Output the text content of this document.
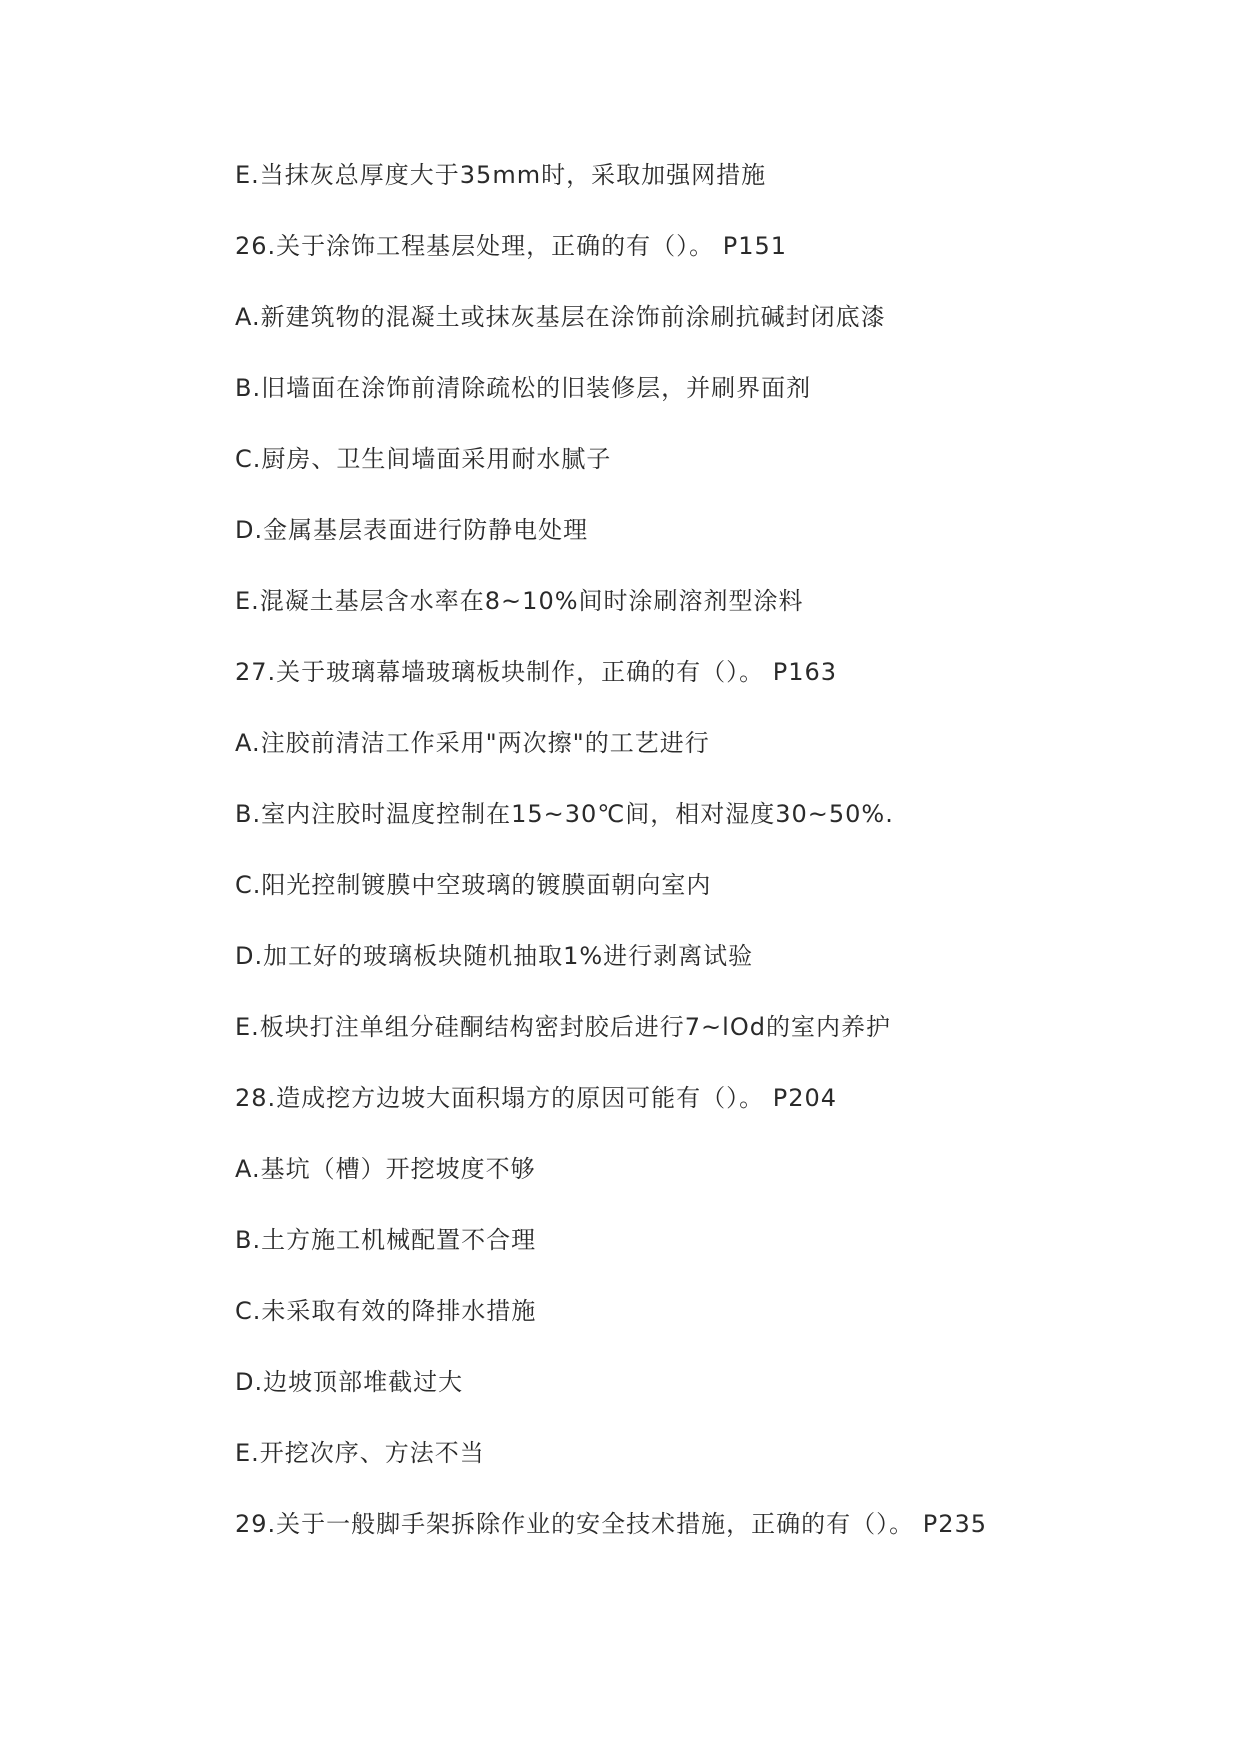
E.当抹灰总厚度大于35mm时，采取加强网措施
26.关于涂饰工程基层处理，正确的有（）。 P151
A.新建筑物的混凝土或抹灰基层在涂饰前涂刷抗碱封闭底漆
B.旧墙面在涂饰前清除疏松的旧装修层，并刷界面剂
C.厨房、卫生间墙面采用耐水腻子
D.金属基层表面进行防静电处理
E.混凝土基层含水率在8~10%间时涂刷溶剂型涂料
27.关于玻璃幕墙玻璃板块制作，正确的有（）。 P163
A.注胶前清洁工作采用"两次擦"的工艺进行
B.室内注胶时温度控制在15~30℃间，相对湿度30~50%.
C.阳光控制镀膜中空玻璃的镀膜面朝向室内
D.加工好的玻璃板块随机抽取1%进行剥离试验
E.板块打注单组分硅酮结构密封胶后进行7~lOd的室内养护
28.造成挖方边坡大面积塌方的原因可能有（）。 P204
A.基坑（槽）开挖坡度不够
B.土方施工机械配置不合理
C.未采取有效的降排水措施
D.边坡顶部堆截过大
E.开挖次序、方法不当
29.关于一般脚手架拆除作业的安全技术措施，正确的有（）。 P235
